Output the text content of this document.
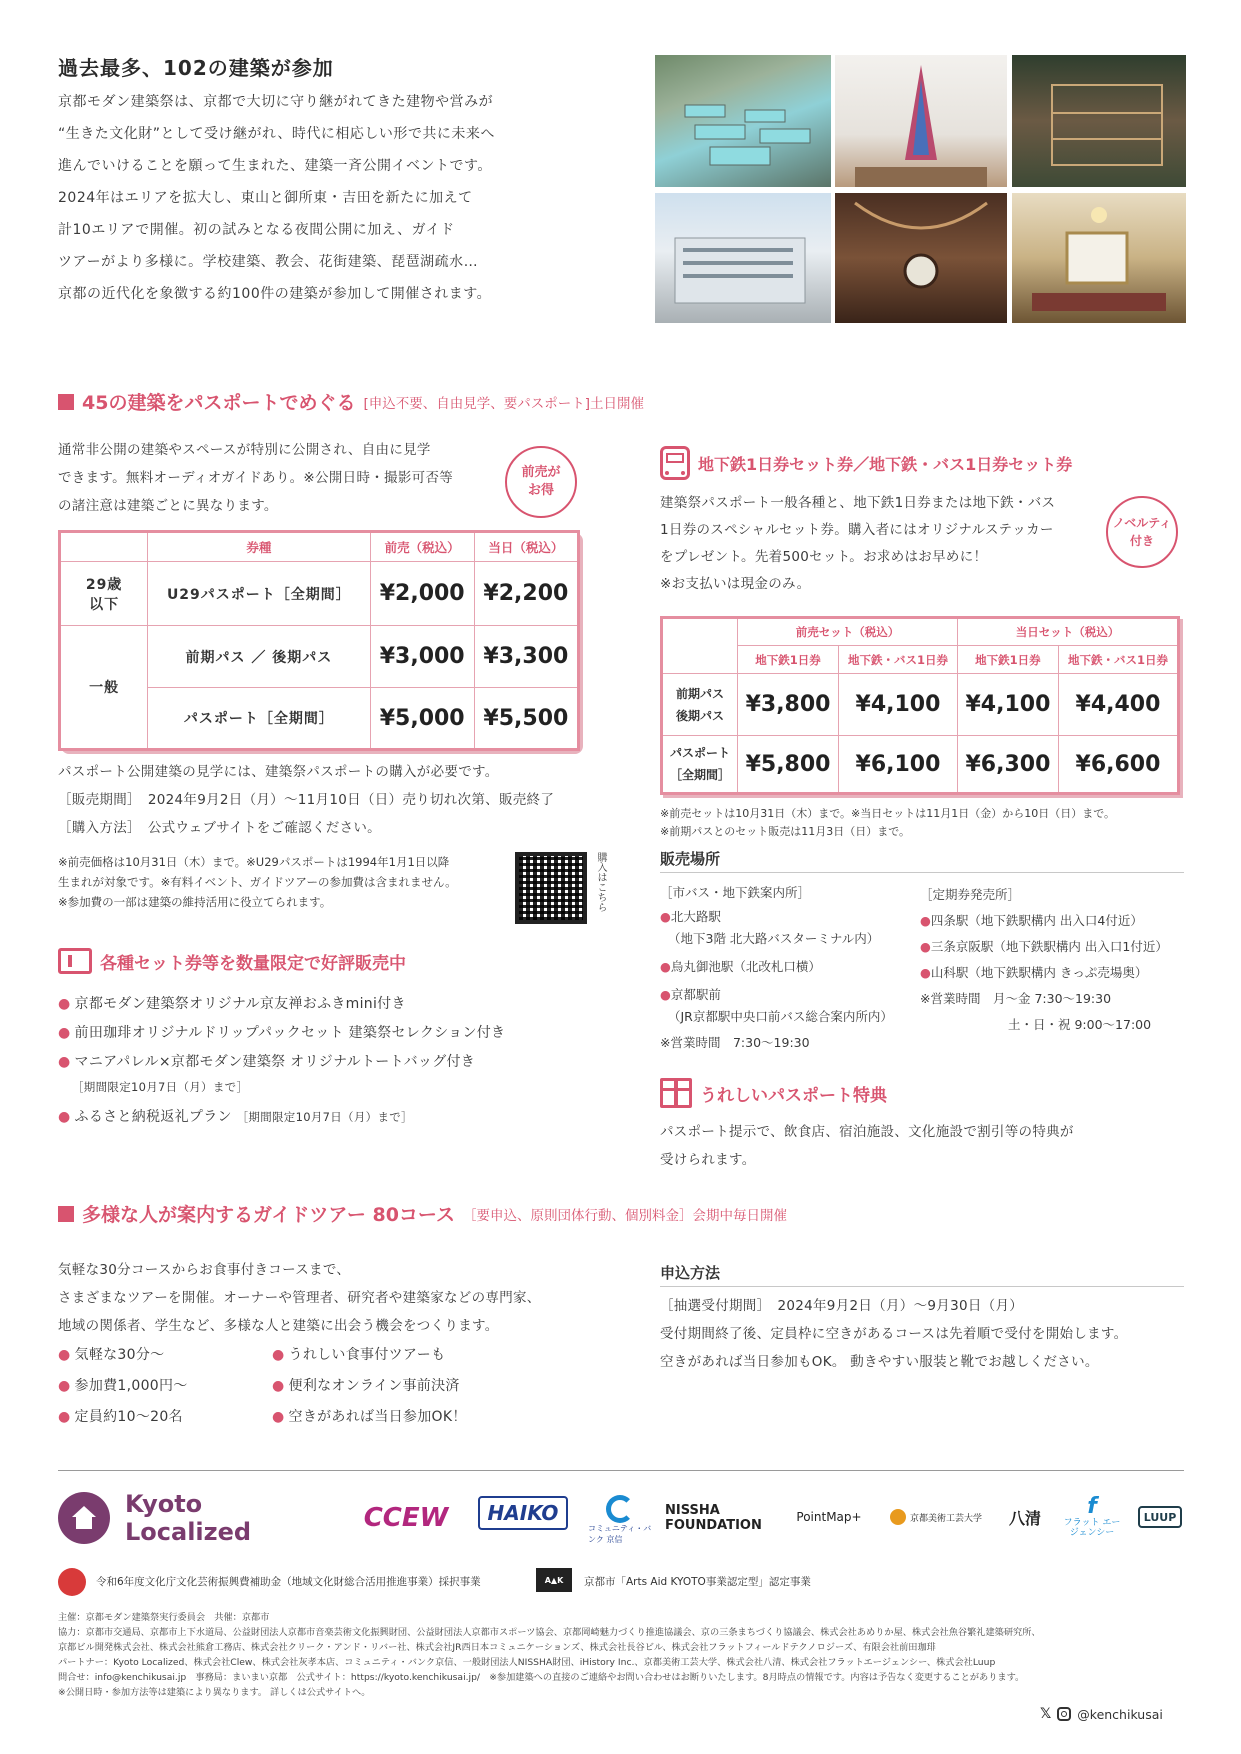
過去最多、102の建築が参加
京都モダン建築祭は、京都で大切に守り継がれてきた建物や営みが
“生きた文化財”として受け継がれ、時代に相応しい形で共に未来へ
進んでいけることを願って生まれた、建築一斉公開イベントです。
2024年はエリアを拡大し、東山と御所東・吉田を新たに加えて
計10エリアで開催。初の試みとなる夜間公開に加え、ガイド
ツアーがより多様に。学校建築、教会、花街建築、琵琶湖疏水…
京都の近代化を象徴する約100件の建築が参加して開催されます。
45の建築をパスポートでめぐる [申込不要、自由見学、要パスポート]土日開催
通常非公開の建築やスペースが特別に公開され、自由に見学
できます。無料オーディオガイドあり。※公開日時・撮影可否等
の諸注意は建築ごとに異なります。
前売が
お得
	券種	前売（税込）	当日（税込）
29歳
以下	U29パスポート［全期間］	¥2,000	¥2,200
一般	前期パス ／ 後期パス	¥3,000	¥3,300
	パスポート［全期間］	¥5,000	¥5,500
パスポート公開建築の見学には、建築祭パスポートの購入が必要です。
［販売期間］　2024年9月2日（月）〜11月10日（日）売り切れ次第、販売終了
［購入方法］　公式ウェブサイトをご確認ください。
※前売価格は10月31日（木）まで。※U29パスポートは1994年1月1日以降
生まれが対象です。※有料イベント、ガイドツアーの参加費は含まれません。
※参加費の一部は建築の維持活用に役立てられます。	購入はこちら
各種セット券等を数量限定で好評販売中
● 京都モダン建築祭オリジナル京友禅おふきmini付き
● 前田珈琲オリジナルドリップパックセット 建築祭セレクション付き
● マニアパレル×京都モダン建築祭 オリジナルトートバッグ付き
［期間限定10月7日（月）まで］
● ふるさと納税返礼プラン ［期間限定10月7日（月）まで］
地下鉄1日券セット券／地下鉄・バス1日券セット券
建築祭パスポート一般各種と、地下鉄1日券または地下鉄・バス
1日券のスペシャルセット券。購入者にはオリジナルステッカー
をプレゼント。先着500セット。お求めはお早めに！
※お支払いは現金のみ。
ノベルティ
付き
	前売セット（税込）		当日セット（税込）	
	地下鉄1日券	地下鉄・バス1日券	地下鉄1日券	地下鉄・バス1日券
前期パス
後期パス	¥3,800	¥4,100	¥4,100	¥4,400
パスポート
［全期間］	¥5,800	¥6,100	¥6,300	¥6,600
※前売セットは10月31日（木）まで。※当日セットは11月1日（金）から10日（日）まで。
※前期パスとのセット販売は11月3日（日）まで。
販売場所
［市バス・地下鉄案内所］
●北大路駅
（地下3階 北大路バスターミナル内）
●烏丸御池駅（北改札口横）
●京都駅前
（JR京都駅中央口前バス総合案内所内）
※営業時間　7:30〜19:30
［定期券発売所］
●四条駅（地下鉄駅構内 出入口4付近）
●三条京阪駅（地下鉄駅構内 出入口1付近）
●山科駅（地下鉄駅構内 きっぷ売場奥）
※営業時間　月〜金 7:30〜19:30
土・日・祝 9:00〜17:00
うれしいパスポート特典
パスポート提示で、飲食店、宿泊施設、文化施設で割引等の特典が
受けられます。
多様な人が案内するガイドツアー 80コース ［要申込、原則団体行動、個別料金］会期中毎日開催
気軽な30分コースからお食事付きコースまで、
さまざまなツアーを開催。オーナーや管理者、研究者や建築家などの専門家、
地域の関係者、学生など、多様な人と建築に出会う機会をつくります。
● 気軽な30分〜
● 参加費1,000円〜
● 定員約10〜20名
● うれしい食事付ツアーも
● 便利なオンライン事前決済
● 空きがあれば当日参加OK！
申込方法
［抽選受付期間］　2024年9月2日（月）〜9月30日（月）
受付期間終了後、定員枠に空きがあるコースは先着順で受付を開始します。
空きがあれば当日参加もOK。 動きやすい服装と靴でお越しください。
Kyoto Localized	CCEW	HAIKO
コミュニティ・バンク 京信
NISSHA FOUNDATION
PointMap+	京都美術工芸大学	八清	f
フラット エージェンシー
LUUP
令和6年度文化庁文化芸術振興費補助金（地域文化財総合活用推進事業）採択事業	A▲K 京都市「Arts Aid KYOTO事業認定型」認定事業
主催：京都モダン建築祭実行委員会　共催：京都市
協力：京都市交通局、京都市上下水道局、公益財団法人京都市音楽芸術文化振興財団、公益財団法人京都市スポーツ協会、京都岡崎魅力づくり推進協議会、京の三条まちづくり協議会、株式会社あめりか屋、株式会社魚谷繁礼建築研究所、
京都ビル開発株式会社、株式会社熊倉工務店、株式会社クリーク・アンド・リバー社、株式会社JR西日本コミュニケーションズ、株式会社長谷ビル、株式会社フラットフィールドテクノロジーズ、有限会社前田珈琲
パートナー：Kyoto Localized、株式会社Clew、株式会社灰孝本店、コミュニティ・バンク京信、一般財団法人NISSHA財団、iHistory Inc.、京都美術工芸大学、株式会社八清、株式会社フラットエージェンシー、株式会社Luup
問合せ：info@kenchikusai.jp　事務局：まいまい京都　公式サイト：https://kyoto.kenchikusai.jp/　※参加建築への直接のご連絡やお問い合わせはお断りいたします。8月時点の情報です。内容は予告なく変更することがあります。
※公開日時・参加方法等は建築により異なります。 詳しくは公式サイトへ。
𝕏 @kenchikusai
